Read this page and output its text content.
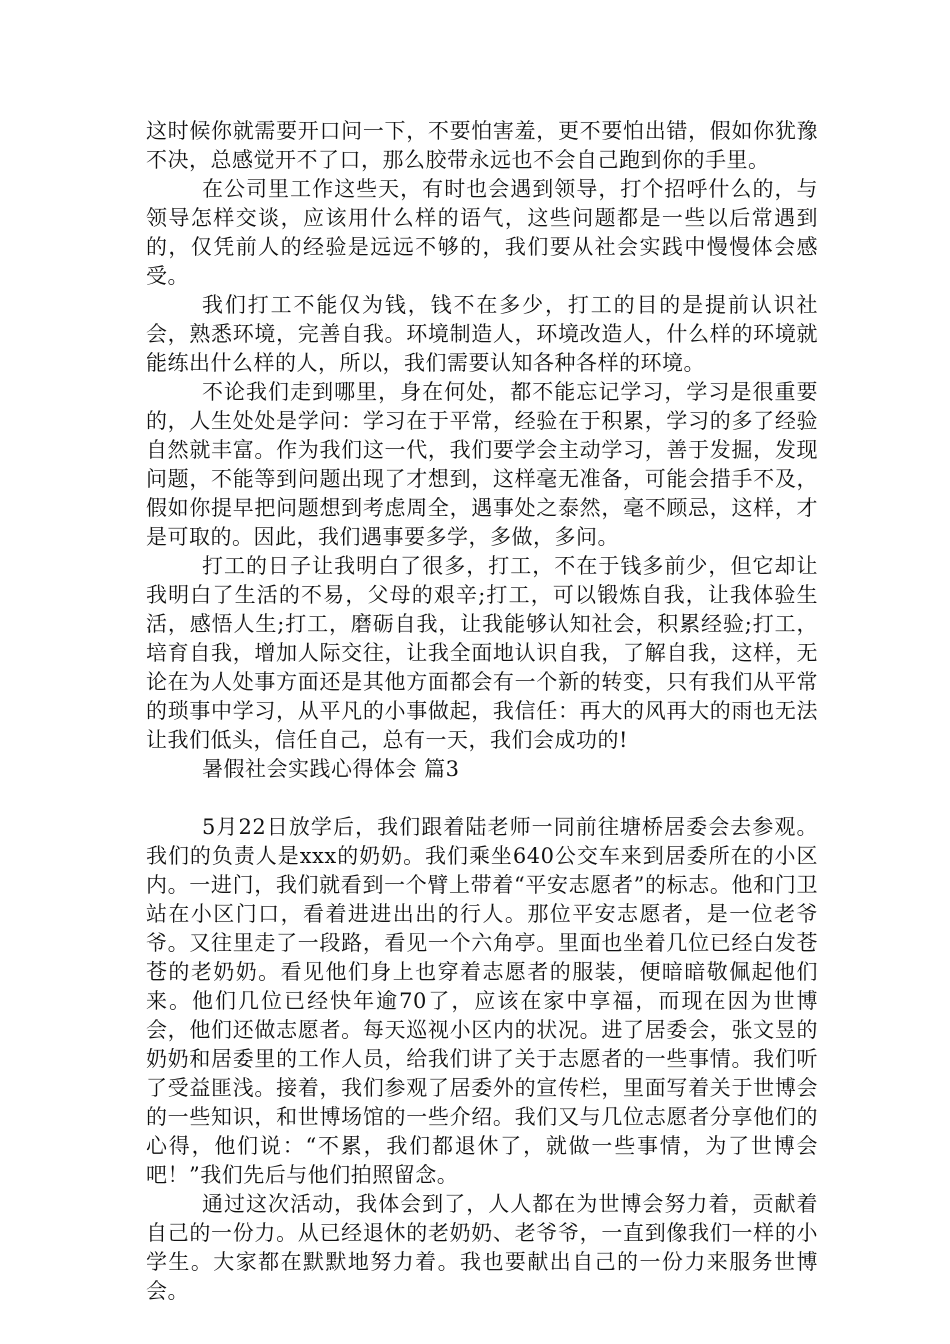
这时候你就需要开口问一下，不要怕害羞，更不要怕出错，假如你犹豫不决，总感觉开不了口，那么胶带永远也不会自己跑到你的手里。

在公司里工作这些天，有时也会遇到领导，打个招呼什么的，与领导怎样交谈，应该用什么样的语气，这些问题都是一些以后常遇到的，仅凭前人的经验是远远不够的，我们要从社会实践中慢慢体会感受。

我们打工不能仅为钱，钱不在多少，打工的目的是提前认识社会，熟悉环境，完善自我。环境制造人，环境改造人，什么样的环境就能练出什么样的人，所以，我们需要认知各种各样的环境。

不论我们走到哪里，身在何处，都不能忘记学习，学习是很重要的，人生处处是学问：学习在于平常，经验在于积累，学习的多了经验自然就丰富。作为我们这一代，我们要学会主动学习，善于发掘，发现问题，不能等到问题出现了才想到，这样毫无准备，可能会措手不及，假如你提早把问题想到考虑周全，遇事处之泰然，毫不顾忌，这样，才是可取的。因此，我们遇事要多学，多做，多问。

打工的日子让我明白了很多，打工，不在于钱多前少，但它却让我明白了生活的不易，父母的艰辛;打工，可以锻炼自我，让我体验生活，感悟人生;打工，磨砺自我，让我能够认知社会，积累经验;打工，培育自我，增加人际交往，让我全面地认识自我，了解自我，这样，无论在为人处事方面还是其他方面都会有一个新的转变，只有我们从平常的琐事中学习，从平凡的小事做起，我信任：再大的风再大的雨也无法让我们低头，信任自己，总有一天，我们会成功的!

暑假社会实践心得体会 篇3

5月22日放学后，我们跟着陆老师一同前往塘桥居委会去参观。我们的负责人是xxx的奶奶。我们乘坐640公交车来到居委所在的小区内。一进门，我们就看到一个臂上带着“平安志愿者”的标志。他和门卫站在小区门口，看着进进出出的行人。那位平安志愿者，是一位老爷爷。又往里走了一段路，看见一个六角亭。里面也坐着几位已经白发苍苍的老奶奶。看见他们身上也穿着志愿者的服装，便暗暗敬佩起他们来。他们几位已经快年逾70了，应该在家中享福，而现在因为世博会，他们还做志愿者。每天巡视小区内的状况。进了居委会，张文昱的奶奶和居委里的工作人员，给我们讲了关于志愿者的一些事情。我们听了受益匪浅。接着，我们参观了居委外的宣传栏，里面写着关于世博会的一些知识，和世博场馆的一些介绍。我们又与几位志愿者分享他们的心得，他们说：“不累，我们都退休了，就做一些事情，为了世博会吧！”我们先后与他们拍照留念。

通过这次活动，我体会到了，人人都在为世博会努力着，贡献着自己的一份力。从已经退休的老奶奶、老爷爷，一直到像我们一样的小学生。大家都在默默地努力着。我也要献出自己的一份力来服务世博会。
